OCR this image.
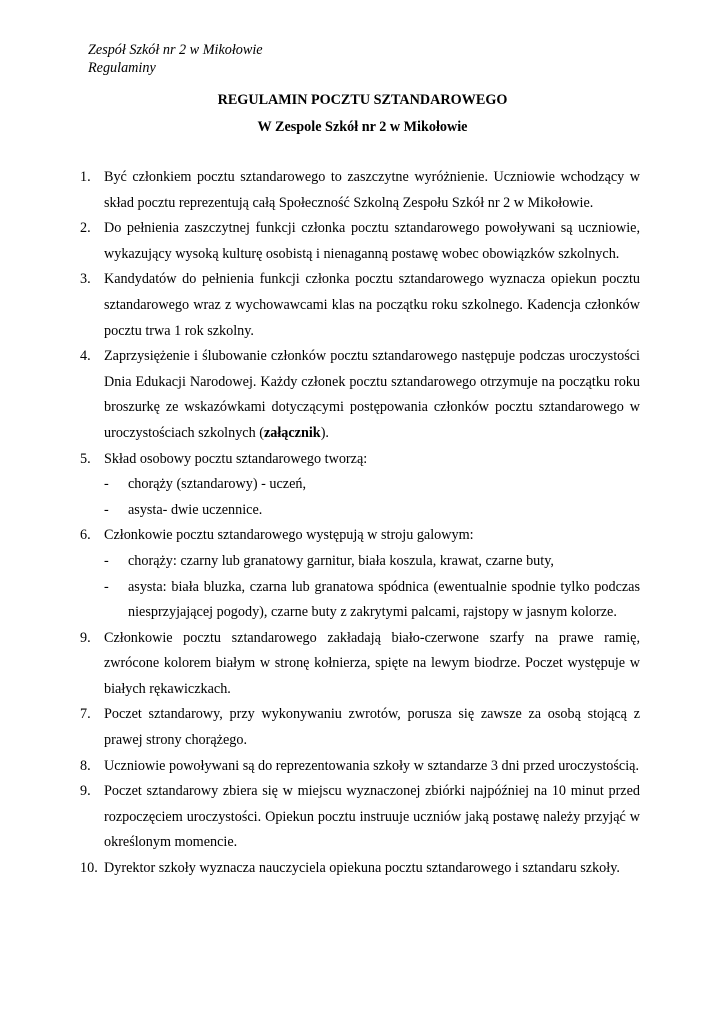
Zespół Szkół nr 2 w Mikołowie
Regulaminy
REGULAMIN POCZTU SZTANDAROWEGO
W Zespole Szkół nr 2 w Mikołowie
1. Być członkiem pocztu sztandarowego to zaszczytne wyróżnienie. Uczniowie wchodzący w skład pocztu reprezentują całą Społeczność Szkolną Zespołu Szkół nr 2 w Mikołowie.
2. Do pełnienia zaszczytnej funkcji członka pocztu sztandarowego powoływani są uczniowie, wykazujący wysoką kulturę osobistą i nienaganną postawę wobec obowiązków szkolnych.
3. Kandydatów do pełnienia funkcji członka pocztu sztandarowego wyznacza opiekun pocztu sztandarowego wraz z wychowawcami klas na początku roku szkolnego. Kadencja członków pocztu trwa 1 rok szkolny.
4. Zaprzysiężenie i ślubowanie członków pocztu sztandarowego następuje podczas uroczystości Dnia Edukacji Narodowej. Każdy członek pocztu sztandarowego otrzymuje na początku roku broszurkę ze wskazówkami dotyczącymi postępowania członków pocztu sztandarowego w uroczystościach szkolnych (załącznik).
5. Skład osobowy pocztu sztandarowego tworzą:
-	chorąży (sztandarowy) - uczeń,
-	asysta- dwie uczennice.
6. Członkowie pocztu sztandarowego występują w stroju galowym:
-	chorąży: czarny lub granatowy garnitur, biała koszula, krawat, czarne buty,
-	asysta: biała bluzka, czarna lub granatowa spódnica (ewentualnie spodnie tylko podczas niesprzyjającej pogody), czarne buty z zakrytymi palcami, rajstopy w jasnym kolorze.
9. Członkowie pocztu sztandarowego zakładają biało-czerwone szarfy na prawe ramię, zwrócone kolorem białym w stronę kołnierza, spięte na lewym biodrze. Poczet występuje w białych rękawiczkach.
7. Poczet sztandarowy, przy wykonywaniu zwrotów, porusza się zawsze za osobą stojącą z prawej strony chorążego.
8. Uczniowie powoływani są do reprezentowania szkoły w sztandarze 3 dni przed uroczystością.
9. Poczet sztandarowy zbiera się w miejscu wyznaczonej zbiórki najpóźniej na 10 minut przed rozpoczęciem uroczystości. Opiekun pocztu instruuje uczniów jaką postawę należy przyjąć w określonym momencie.
10. Dyrektor szkoły wyznacza nauczyciela opiekuna pocztu sztandarowego i sztandaru szkoły.
